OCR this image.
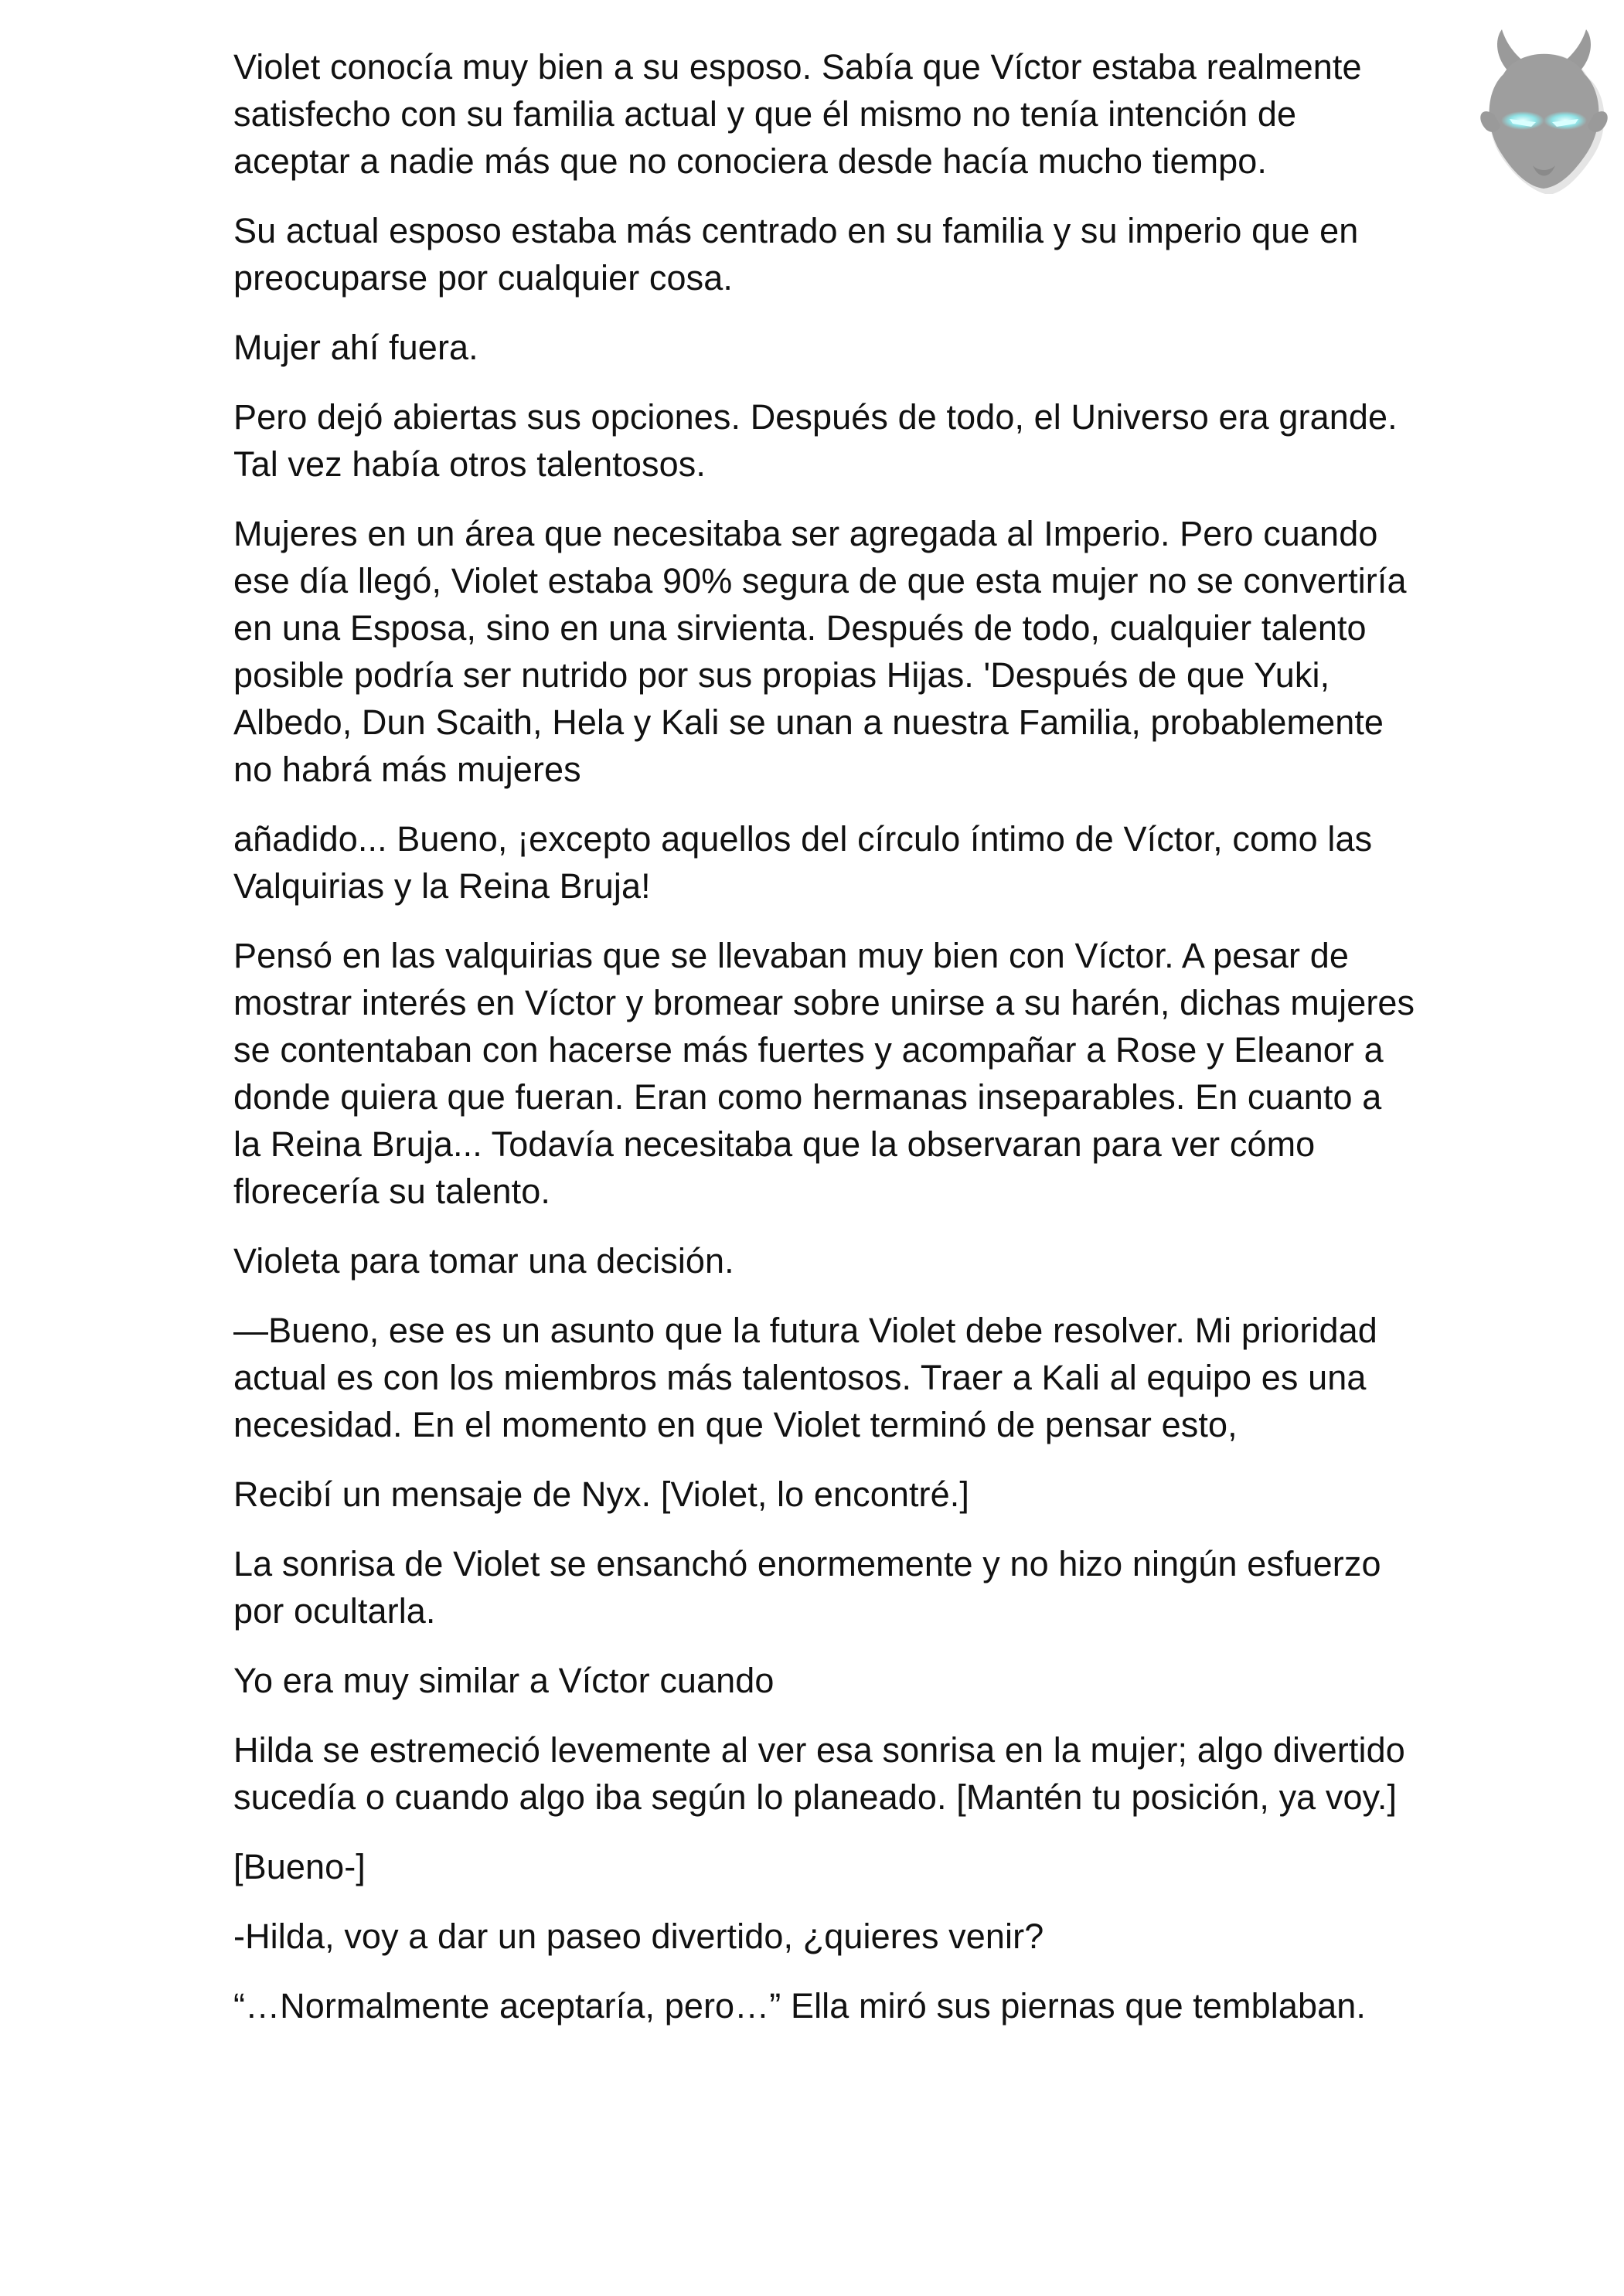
Violet conocía muy bien a su esposo. Sabía que Víctor estaba realmente satisfecho con su familia actual y que él mismo no tenía intención de aceptar a nadie más que no conociera desde hacía mucho tiempo.

Su actual esposo estaba más centrado en su familia y su imperio que en preocuparse por cualquier cosa.

Mujer ahí fuera.

Pero dejó abiertas sus opciones. Después de todo, el Universo era grande. Tal vez había otros talentosos.

Mujeres en un área que necesitaba ser agregada al Imperio. Pero cuando ese día llegó, Violet estaba 90% segura de que esta mujer no se convertiría en una Esposa, sino en una sirvienta. Después de todo, cualquier talento posible podría ser nutrido por sus propias Hijas. 'Después de que Yuki, Albedo, Dun Scaith, Hela y Kali se unan a nuestra Familia, probablemente no habrá más mujeres

añadido... Bueno, ¡excepto aquellos del círculo íntimo de Víctor, como las Valquirias y la Reina Bruja!

Pensó en las valquirias que se llevaban muy bien con Víctor. A pesar de mostrar interés en Víctor y bromear sobre unirse a su harén, dichas mujeres se contentaban con hacerse más fuertes y acompañar a Rose y Eleanor a donde quiera que fueran. Eran como hermanas inseparables. En cuanto a la Reina Bruja... Todavía necesitaba que la observaran para ver cómo florecería su talento.

Violeta para tomar una decisión.

—Bueno, ese es un asunto que la futura Violet debe resolver. Mi prioridad actual es con los miembros más talentosos. Traer a Kali al equipo es una necesidad. En el momento en que Violet terminó de pensar esto,

Recibí un mensaje de Nyx. [Violet, lo encontré.]

La sonrisa de Violet se ensanchó enormemente y no hizo ningún esfuerzo por ocultarla.

Yo era muy similar a Víctor cuando

Hilda se estremeció levemente al ver esa sonrisa en la mujer; algo divertido sucedía o cuando algo iba según lo planeado. [Mantén tu posición, ya voy.]

[Bueno-]

-Hilda, voy a dar un paseo divertido, ¿quieres venir?

“…Normalmente aceptaría, pero…” Ella miró sus piernas que temblaban.
